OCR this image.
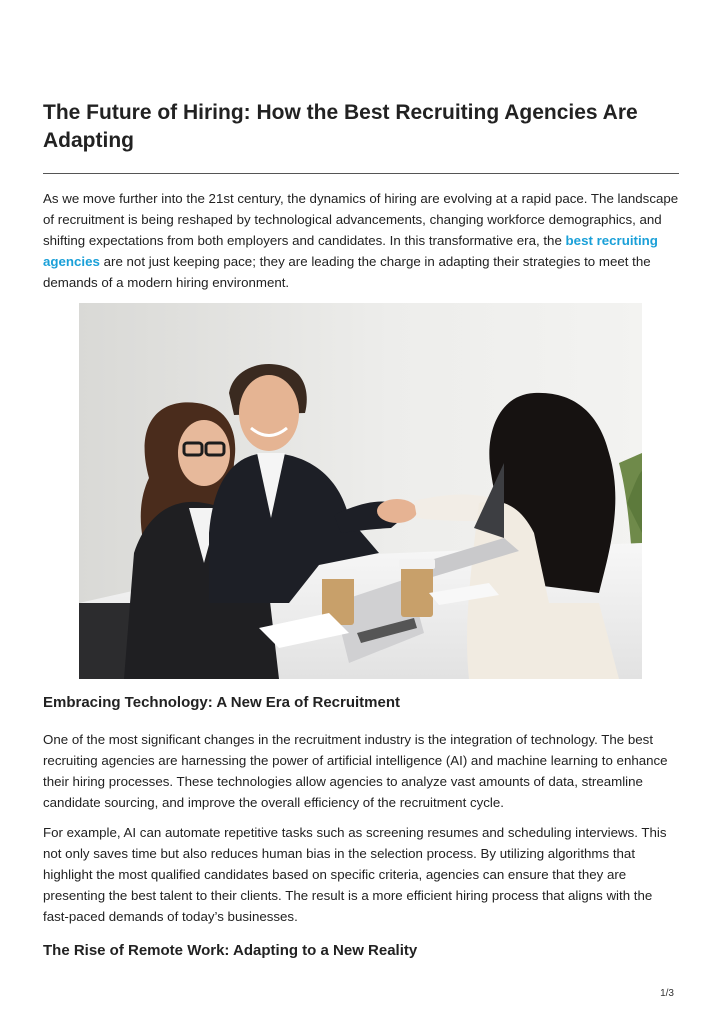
The Future of Hiring: How the Best Recruiting Agencies Are Adapting

As we move further into the 21st century, the dynamics of hiring are evolving at a rapid pace. The landscape of recruitment is being reshaped by technological advancements, changing workforce demographics, and shifting expectations from both employers and candidates. In this transformative era, the best recruiting agencies are not just keeping pace; they are leading the charge in adapting their strategies to meet the demands of a modern hiring environment.

Embracing Technology: A New Era of Recruitment

One of the most significant changes in the recruitment industry is the integration of technology. The best recruiting agencies are harnessing the power of artificial intelligence (AI) and machine learning to enhance their hiring processes. These technologies allow agencies to analyze vast amounts of data, streamline candidate sourcing, and improve the overall efficiency of the recruitment cycle.

For example, AI can automate repetitive tasks such as screening resumes and scheduling interviews. This not only saves time but also reduces human bias in the selection process. By utilizing algorithms that highlight the most qualified candidates based on specific criteria, agencies can ensure that they are presenting the best talent to their clients. The result is a more efficient hiring process that aligns with the fast-paced demands of today’s businesses.

The Rise of Remote Work: Adapting to a New Reality
1/3
